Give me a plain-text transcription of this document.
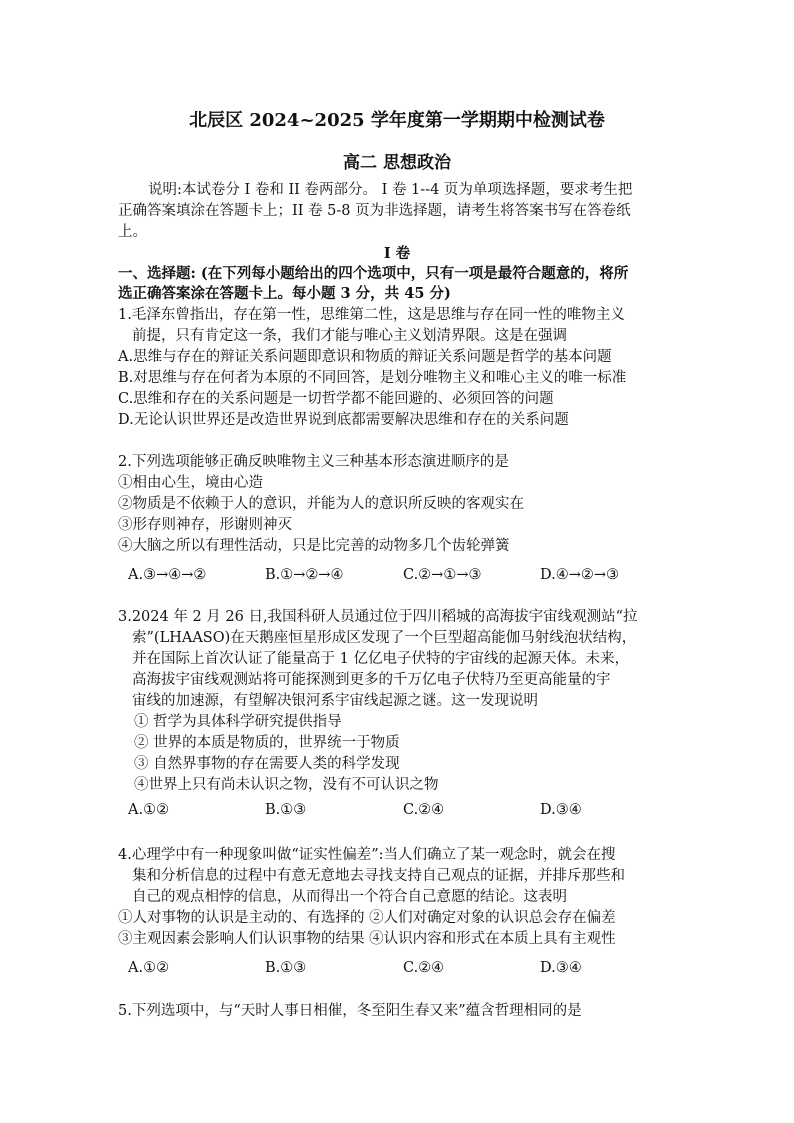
北辰区 2024~2025 学年度第一学期期中检测试卷
高二 思想政治
说明:本试卷分 I 卷和 II 卷两部分。 I 卷 1--4 页为单项选择题，要求考生把
正确答案填涂在答题卡上；II 卷 5-8 页为非选择题，请考生将答案书写在答卷纸
上。
I 卷
一、选择题: (在下列每小题给出的四个选项中，只有一项是最符合题意的，将所
选正确答案涂在答题卡上。每小题 3 分，共 45 分)
1.毛泽东曾指出，存在第一性，思维第二性，这是思维与存在同一性的唯物主义
前提，只有肯定这一条，我们才能与唯心主义划清界限。这是在强调
A.思维与存在的辩证关系问题即意识和物质的辩证关系问题是哲学的基本问题
B.对思维与存在何者为本原的不同回答，是划分唯物主义和唯心主义的唯一标准
C.思维和存在的关系问题是一切哲学都不能回避的、必须回答的问题
D.无论认识世界还是改造世界说到底都需要解决思维和存在的关系问题
2.下列选项能够正确反映唯物主义三种基本形态演进顺序的是
①相由心生，境由心造
②物质是不依赖于人的意识，并能为人的意识所反映的客观实在
③形存则神存，形谢则神灭
④大脑之所以有理性活动，只是比完善的动物多几个齿轮弹簧
A.③→④→②	B.①→②→④	C.②→①→③	D.④→②→③
3.2024 年 2 月 26 日,我国科研人员通过位于四川稻城的高海拔宇宙线观测站“拉
索”(LHAASO)在天鹅座恒星形成区发现了一个巨型超高能伽马射线泡状结构，
并在国际上首次认证了能量高于 1 亿亿电子伏特的宇宙线的起源天体。未来，
高海拔宇宙线观测站将可能探测到更多的千万亿电子伏特乃至更高能量的宇
宙线的加速源，有望解决银河系宇宙线起源之谜。这一发现说明
① 哲学为具体科学研究提供指导
② 世界的本质是物质的，世界统一于物质
③ 自然界事物的存在需要人类的科学发现
④世界上只有尚未认识之物，没有不可认识之物
A.①②	B.①③	C.②④	D.③④
4.心理学中有一种现象叫做“证实性偏差”:当人们确立了某一观念时，就会在搜
集和分析信息的过程中有意无意地去寻找支持自己观点的证据，并排斥那些和
自己的观点相悖的信息，从而得出一个符合自己意愿的结论。这表明
①人对事物的认识是主动的、有选择的 ②人们对确定对象的认识总会存在偏差
③主观因素会影响人们认识事物的结果 ④认识内容和形式在本质上具有主观性
A.①②	B.①③	C.②④	D.③④
5.下列选项中，与“天时人事日相催，冬至阳生春又来”蕴含哲理相同的是
